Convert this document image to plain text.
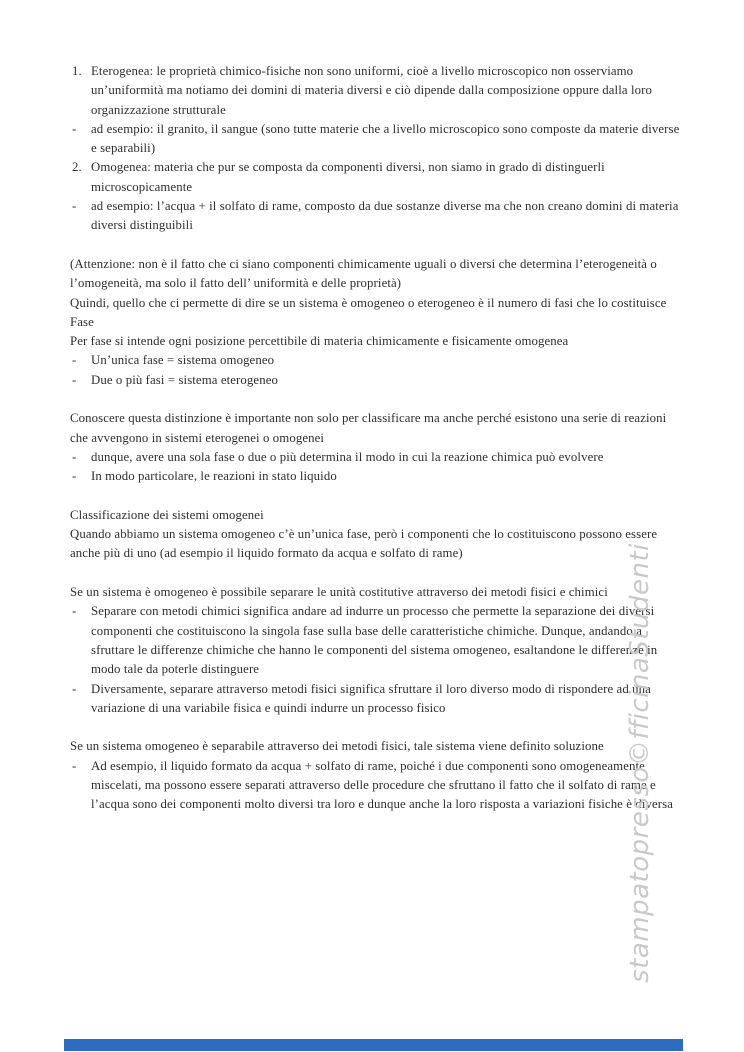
1. Eterogenea: le proprietà chimico-fisiche non sono uniformi, cioè a livello microscopico non osserviamo un’uniformità ma notiamo dei domini di materia diversi e ciò dipende dalla composizione oppure dalla loro organizzazione strutturale
-	ad esempio: il granito, il sangue (sono tutte materie che a livello microscopico sono composte da materie diverse e separabili)
2. Omogenea: materia che pur se composta da componenti diversi, non siamo in grado di distinguerli microscopicamente
-	ad esempio: l’acqua + il solfato di rame, composto da due sostanze diverse ma che non creano domini di materia diversi distinguibili

(Attenzione: non è il fatto che ci siano componenti chimicamente uguali o diversi che determina l’eterogeneità o l’omogeneità, ma solo il fatto dell’ uniformità e delle proprietà)

Quindi, quello che ci permette di dire se un sistema è omogeneo o eterogeneo è il numero di fasi che lo costituisce

Fase

Per fase si intende ogni posizione percettibile di materia chimicamente e fisicamente omogenea

-	Un’unica fase = sistema omogeneo
-	Due o più fasi = sistema eterogeneo

Conoscere questa distinzione è importante non solo per classificare ma anche perché esistono una serie di reazioni che avvengono in sistemi eterogenei o omogenei

-	dunque, avere una sola fase o due o più determina il modo in cui la reazione chimica può evolvere
-	In modo particolare, le reazioni in stato liquido

Classificazione dei sistemi omogenei

Quando abbiamo un sistema omogeneo c’è un’unica fase, però i componenti che lo costituiscono possono essere anche più di uno (ad esempio il liquido formato da acqua e solfato di rame)

Se un sistema è omogeneo è possibile separare le unità costitutive attraverso dei metodi fisici e chimici

-	Separare con metodi chimici significa andare ad indurre un processo che permette la separazione dei diversi componenti che costituiscono la singola fase sulla base delle caratteristiche chimiche. Dunque, andando a sfruttare le differenze chimiche che hanno le componenti del sistema omogeneo, esaltandone le differenze in modo tale da poterle distinguere
-	Diversamente, separare attraverso metodi fisici significa sfruttare il loro diverso modo di rispondere ad una variazione di una variabile fisica e quindi indurre un processo fisico

Se un sistema omogeneo è separabile attraverso dei metodi fisici, tale sistema viene definito soluzione

-	Ad esempio, il liquido formato da acqua + solfato di rame, poiché i due componenti sono omogeneamente miscelati, ma possono essere separati attraverso delle procedure che sfruttano il fatto che il solfato di rame e l’acqua sono dei componenti molto diversi tra loro e dunque anche la loro risposta a variazioni fisiche è diversa
stampatopresso©fficinaStudenti
